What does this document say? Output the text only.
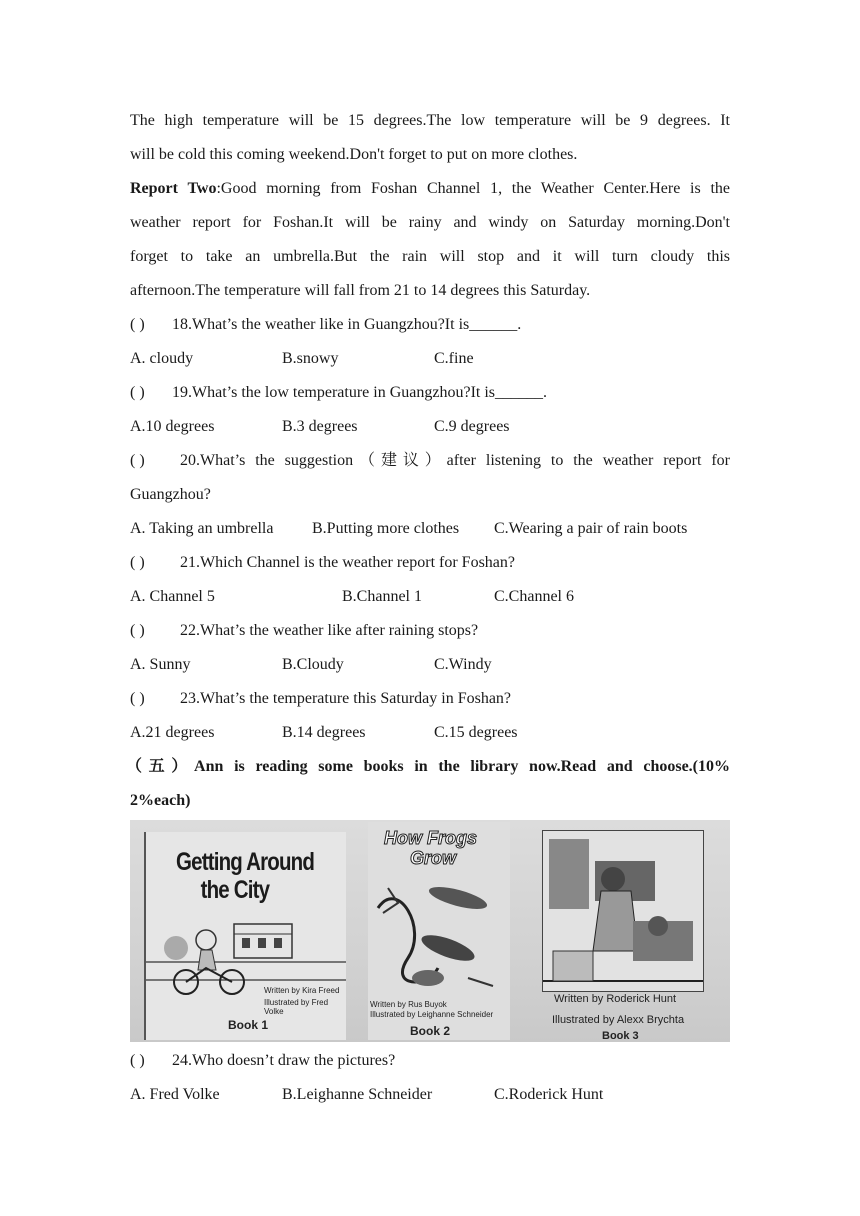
The high temperature will be 15 degrees.The low temperature will be 9 degrees. It
will be cold this coming weekend.Don't forget to put on more clothes.
Report Two:Good morning from Foshan Channel 1, the Weather Center.Here is the
weather report for Foshan.It will be rainy and windy on Saturday morning.Don't
forget to take an umbrella.But the rain will stop and it will turn cloudy this
afternoon.The temperature will fall from 21 to 14 degrees this Saturday.
( ) 18.What’s the weather like in Guangzhou?It is______.
A. cloudy	B.snowy	C.fine
( ) 19.What’s the low temperature in Guangzhou?It is______.
A.10 degrees	B.3 degrees	C.9 degrees
( )	20.What’s the suggestion（建议）after listening to the weather report for
Guangzhou?
A. Taking an umbrella	B.Putting more clothes	C.Wearing a pair of rain boots
( ) 21.Which Channel is the weather report for Foshan?
A. Channel 5	B.Channel 1	C.Channel 6
( ) 22.What’s the weather like after raining stops?
A. Sunny	B.Cloudy	C.Windy
( ) 23.What’s the temperature this Saturday in Foshan?
A.21 degrees	B.14 degrees	C.15 degrees
（五）Ann is reading some books in the library now.Read and choose.(10%
2%each)
Getting Around
the City
Written by Kira Freed
Illustrated by Fred Volke
Book 1
How Frogs
Grow
Written by Rus Buyok
Illustrated by Leighanne Schneider
Book 2
Written by Roderick Hunt
Illustrated by Alexx Brychta
Book 3
( ) 24.Who doesn’t draw the pictures?
A. Fred Volke	B.Leighanne Schneider	C.Roderick Hunt
